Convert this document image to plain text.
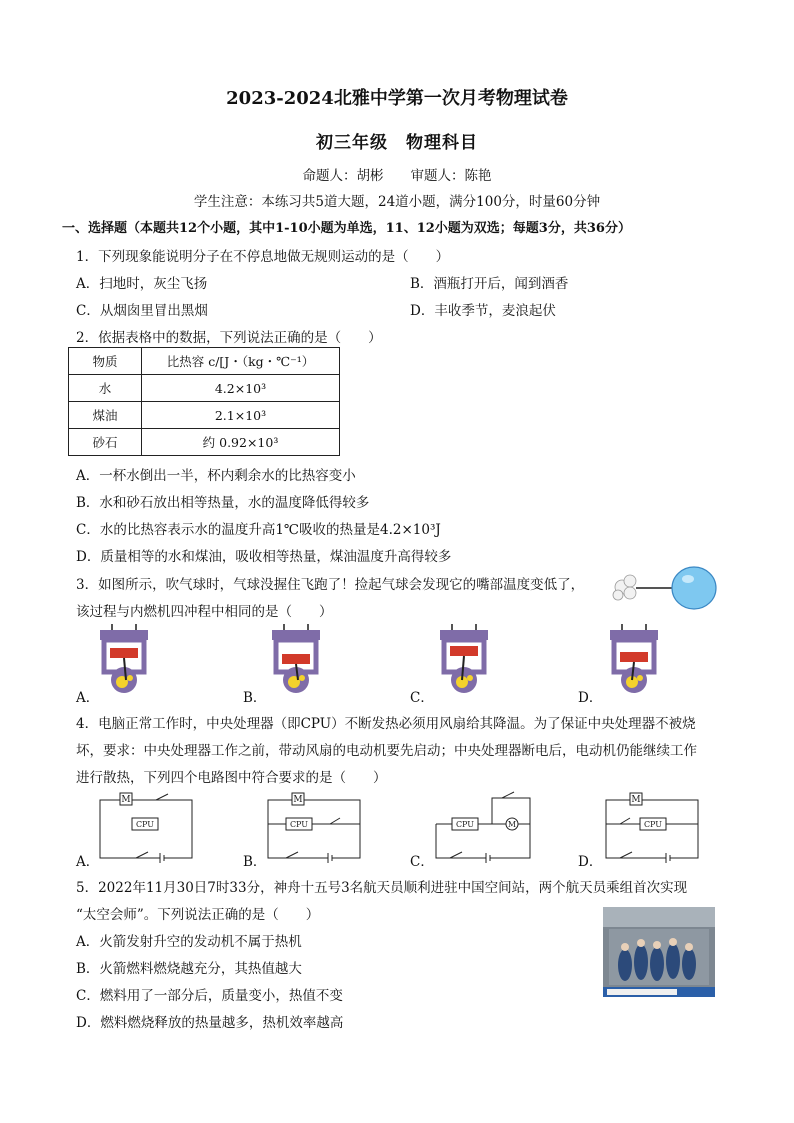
2023-2024北雅中学第一次月考物理试卷
初三年级　物理科目
命题人：胡彬　　审题人：陈艳
学生注意：本练习共5道大题，24道小题，满分100分，时量60分钟
一、选择题（本题共12个小题，其中1-10小题为单选，11、12小题为双选；每题3分，共36分）
1．下列现象能说明分子在不停息地做无规则运动的是（　　）
A．扫地时，灰尘飞扬	B．酒瓶打开后，闻到酒香
C．从烟囱里冒出黑烟	D．丰收季节，麦浪起伏
2．依据表格中的数据，下列说法正确的是（　　）
物质	比热容 c/[J・（kg・℃⁻¹）
水	4.2×10³
煤油	2.1×10³
砂石	约 0.92×10³
A．一杯水倒出一半，杯内剩余水的比热容变小
B．水和砂石放出相等热量，水的温度降低得较多
C．水的比热容表示水的温度升高1℃吸收的热量是4.2×10³J
D．质量相等的水和煤油，吸收相等热量，煤油温度升高得较多
3．如图所示，吹气球时，气球没握住飞跑了！捡起气球会发现它的嘴部温度变低了，
该过程与内燃机四冲程中相同的是（　　）
A．	B．	C．	D．
4．电脑正常工作时，中央处理器（即CPU）不断发热必须用风扇给其降温。为了保证中央处理器不被烧
坏，要求：中央处理器工作之前，带动风扇的电动机要先启动；中央处理器断电后，电动机仍能继续工作
进行散热，下列四个电路图中符合要求的是（　　）
M
CPU
M
CPU	CPU	M
M
CPU
A．	B．	C．	D．
5．2022年11月30日7时33分，神舟十五号3名航天员顺利进驻中国空间站，两个航天员乘组首次实现
“太空会师”。下列说法正确的是（　　）
A．火箭发射升空的发动机不属于热机
B．火箭燃料燃烧越充分，其热值越大
C．燃料用了一部分后，质量变小，热值不变
D．燃料燃烧释放的热量越多，热机效率越高
